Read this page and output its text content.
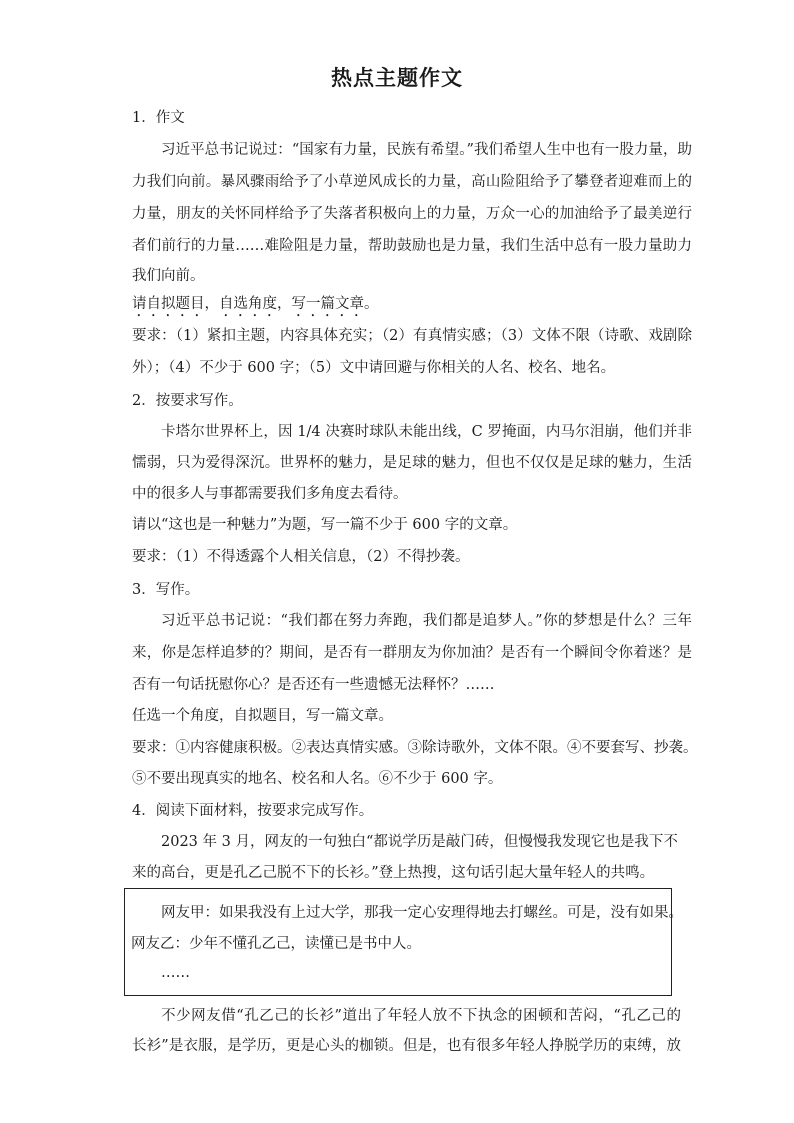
热点主题作文
1．作文
习近平总书记说过：“国家有力量，民族有希望。”我们希望人生中也有一股力量，助
力我们向前。暴风骤雨给予了小草逆风成长的力量，高山险阻给予了攀登者迎难而上的
力量，朋友的关怀同样给予了失落者积极向上的力量，万众一心的加油给予了最美逆行
者们前行的力量……难险阻是力量，帮助鼓励也是力量，我们生活中总有一股力量助力
我们向前。
请自拟题目，自选角度，写一篇文章。
要求：（1）紧扣主题，内容具体充实；（2）有真情实感；（3）文体不限（诗歌、戏剧除
外）；（4）不少于 600 字；（5）文中请回避与你相关的人名、校名、地名。
2．按要求写作。
卡塔尔世界杯上，因 1/4 决赛时球队未能出线，C 罗掩面，内马尔泪崩，他们并非
懦弱，只为爱得深沉。世界杯的魅力，是足球的魅力，但也不仅仅是足球的魅力，生活
中的很多人与事都需要我们多角度去看待。
请以“这也是一种魅力”为题，写一篇不少于 600 字的文章。
要求：（1）不得透露个人相关信息，（2）不得抄袭。
3．写作。
习近平总书记说：“我们都在努力奔跑，我们都是追梦人。”你的梦想是什么？三年
来，你是怎样追梦的？期间，是否有一群朋友为你加油？是否有一个瞬间令你着迷？是
否有一句话抚慰你心？是否还有一些遗憾无法释怀？……
任选一个角度，自拟题目，写一篇文章。
要求：①内容健康积极。②表达真情实感。③除诗歌外，文体不限。④不要套写、抄袭。
⑤不要出现真实的地名、校名和人名。⑥不少于 600 字。
4．阅读下面材料，按要求完成写作。
2023 年 3 月，网友的一句独白“都说学历是敲门砖，但慢慢我发现它也是我下不
来的高台，更是孔乙己脱不下的长衫。”登上热搜，这句话引起大量年轻人的共鸣。
网友甲：如果我没有上过大学，那我一定心安理得地去打螺丝。可是，没有如果。
网友乙：少年不懂孔乙己，读懂已是书中人。
……
不少网友借“孔乙己的长衫”道出了年轻人放不下执念的困顿和苦闷，“孔乙己的
长衫”是衣服，是学历，更是心头的枷锁。但是，也有很多年轻人挣脱学历的束缚，放
